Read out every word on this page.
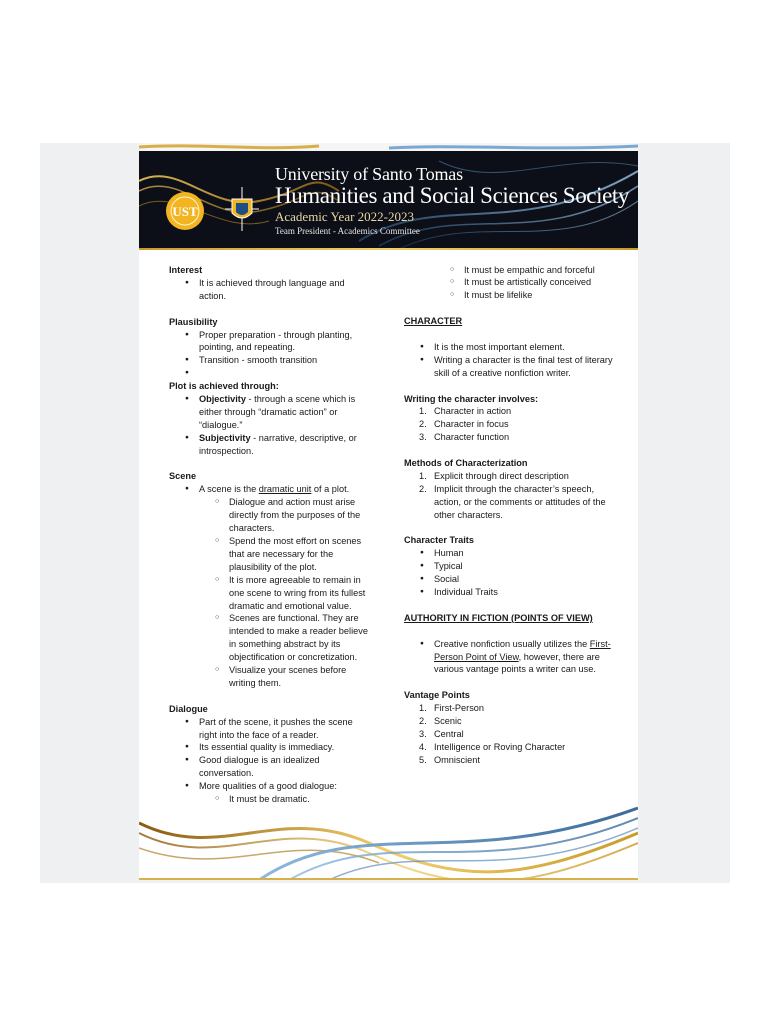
UST
University of Santo Tomas
Humanities and Social Sciences Society
Academic Year 2022-2023
Team President - Academics Committee

Interest

● It is achieved through language and action.

Plausibility

● Proper preparation - through planting, pointing, and repeating.
● Transition - smooth transition
●

Plot is achieved through:

● Objectivity - through a scene which is either through “dramatic action” or “dialogue.”
● Subjectivity - narrative, descriptive, or introspection.

Scene

● A scene is the dramatic unit of a plot.
○ Dialogue and action must arise directly from the purposes of the characters.
○ Spend the most effort on scenes that are necessary for the plausibility of the plot.
○ It is more agreeable to remain in one scene to wring from its fullest dramatic and emotional value.
○ Scenes are functional. They are intended to make a reader believe in something abstract by its objectification or concretization.
○ Visualize your scenes before writing them.

Dialogue

● Part of the scene, it pushes the scene right into the face of a reader.
● Its essential quality is immediacy.
● Good dialogue is an idealized conversation.
● More qualities of a good dialogue:
○ It must be dramatic.
○ It must be empathic and forceful
○ It must be artistically conceived
○ It must be lifelike

CHARACTER

● It is the most important element.
● Writing a character is the final test of literary skill of a creative nonfiction writer.

Writing the character involves:

1. Character in action
2. Character in focus
3. Character function

Methods of Characterization

1. Explicit through direct description
2. Implicit through the character’s speech, action, or the comments or attitudes of the other characters.

Character Traits

● Human
● Typical
● Social
● Individual Traits

AUTHORITY IN FICTION (POINTS OF VIEW)

● Creative nonfiction usually utilizes the First-Person Point of View, however, there are various vantage points a writer can use.

Vantage Points

1. First-Person
2. Scenic
3. Central
4. Intelligence or Roving Character
5. Omniscient
